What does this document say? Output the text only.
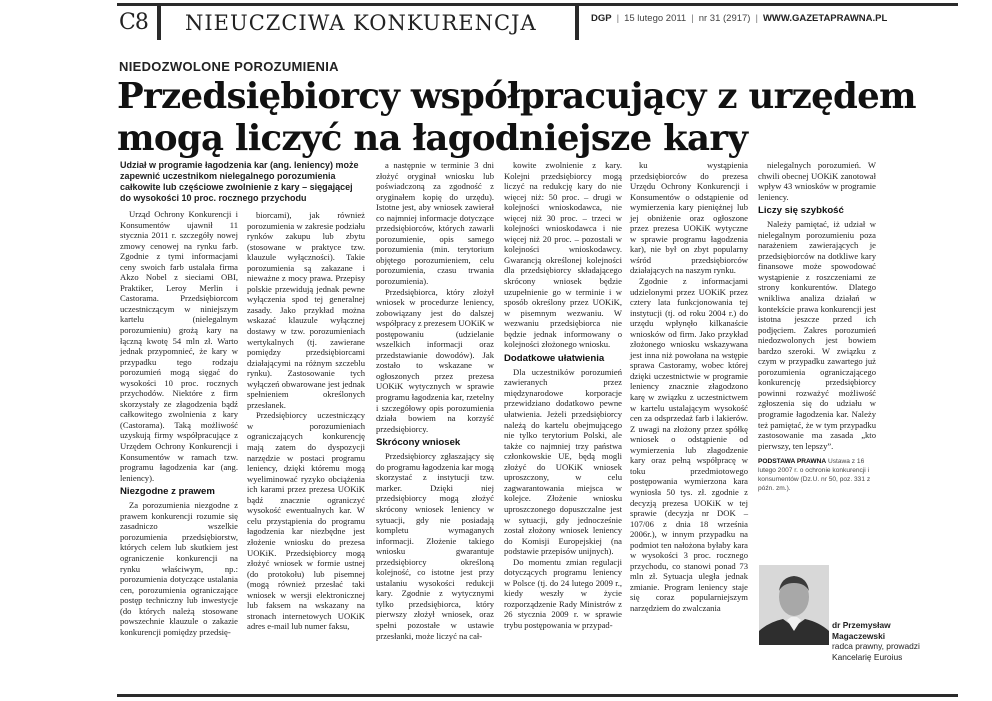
C8 NIEUCZCIWA KONKURENCJA	DGP | 15 lutego 2011 | nr 31 (2917) | WWW.GAZETAPRAWNA.PL
NIEDOZWOLONE POROZUMIENIA
Przedsiębiorcy współpracujący z urzędem mogą liczyć na łagodniejsze kary

Udział w programie łagodzenia kar (ang. leniency) może zapewnić uczestnikom nielegalnego porozumienia całkowite lub częściowe zwolnienie z kary – sięgającej do wysokości 10 proc. rocznego przychodu

Urząd Ochrony Konkurencji i Konsumentów ujawnił 11 stycznia 2011 r. szczegóły nowej zmowy cenowej na rynku farb. Zgodnie z tymi informacjami ceny swoich farb ustalała firma Akzo Nobel z sieciami OBI, Praktiker, Leroy Merlin i Castorama. Przedsiębiorcom uczestniczącym w niniejszym kartelu (nielegalnym porozumieniu) grożą kary na łączną kwotę 54 mln zł. Warto jednak przypomnieć, że kary w przypadku tego rodzaju porozumień mogą sięgać do wysokości 10 proc. rocznych przychodów. Niektóre z firm skorzystały ze złagodzenia bądź całkowitego zwolnienia z kary (Castorama). Taką możliwość uzyskują firmy współpracujące z Urzędem Ochrony Konkurencji i Konsumentów w ramach tzw. programu łagodzenia kar (ang. leniency).

Niezgodne z prawem

Za porozumienia niezgodne z prawem konkurencji rozumie się zasadniczo wszelkie porozumienia przedsiębiorstw, których celem lub skutkiem jest ograniczenie konkurencji na rynku właściwym, np.: porozumienia dotyczące ustalania cen, porozumienia ograniczające postęp techniczny lub inwestycje (do których należą stosowane powszechnie klauzule o zakazie konkurencji pomiędzy przedsię-

biorcami), jak również porozumienia w zakresie podziału rynków zakupu lub zbytu (stosowane w praktyce tzw. klauzule wyłączności). Takie porozumienia są zakazane i nieważne z mocy prawa. Przepisy polskie przewidują jednak pewne wyłączenia spod tej generalnej zasady. Jako przykład można wskazać klauzule wyłącznej dostawy w tzw. porozumieniach wertykalnych (tj. zawierane pomiędzy przedsiębiorcami działającymi na różnym szczeblu rynku). Zastosowanie tych wyłączeń obwarowane jest jednak spełnieniem określonych przesłanek.

Przedsiębiorcy uczestniczący w porozumieniach ograniczających konkurencję mają zatem do dyspozycji narzędzie w postaci programu leniency, dzięki któremu mogą wyeliminować ryzyko obciążenia ich karami przez prezesa UOKiK bądź znacznie ograniczyć wysokość ewentualnych kar. W celu przystąpienia do programu łagodzenia kar niezbędne jest złożenie wniosku do prezesa UOKiK. Przedsiębiorcy mogą złożyć wniosek w formie ustnej (do protokołu) lub pisemnej (mogą również przesłać taki wniosek w wersji elektronicznej lub faksem na wskazany na stronach internetowych UOKiK adres e-mail lub numer faksu,

a następnie w terminie 3 dni złożyć oryginał wniosku lub poświadczoną za zgodność z oryginałem kopię do urzędu). Istotne jest, aby wniosek zawierał co najmniej informacje dotyczące przedsiębiorców, których zawarli porozumienie, opis samego porozumienia (min. terytorium objętego porozumieniem, celu porozumienia, czasu trwania porozumienia).

Przedsiębiorca, który złożył wniosek w procedurze leniency, zobowiązany jest do dalszej współpracy z prezesem UOKiK w postępowaniu (udzielanie wszelkich informacji oraz przedstawianie dowodów). Jak zostało to wskazane w ogłoszonych przez prezesa UOKiK wytycznych w sprawie programu łagodzenia kar, rzetelny i szczegółowy opis porozumienia działa bowiem na korzyść przedsiębiorcy.

Skrócony wniosek

Przedsiębiorcy zgłaszający się do programu łagodzenia kar mogą skorzystać z instytucji tzw. marker. Dzięki niej przedsiębiorcy mogą złożyć skrócony wniosek leniency w sytuacji, gdy nie posiadają kompletu wymaganych informacji. Złożenie takiego wniosku gwarantuje przedsiębiorcy określoną kolejność, co istotne jest przy ustalaniu wysokości redukcji kary. Zgodnie z wytycznymi tylko przedsiębiorca, który pierwszy złożył wniosek, oraz spełni pozostałe w ustawie przesłanki, może liczyć na cał-

kowite zwolnienie z kary. Kolejni przedsiębiorcy mogą liczyć na redukcję kary do nie więcej niż: 50 proc. – drugi w kolejności wnioskodawca, nie więcej niż 30 proc. – trzeci w kolejności wnioskodawca i nie więcej niż 20 proc. – pozostali w kolejności wnioskodawcy. Gwarancją określonej kolejności dla przedsiębiorcy składającego skrócony wniosek będzie uzupełnienie go w terminie i w sposób określony przez UOKiK, w pisemnym wezwaniu. W wezwaniu przedsiębiorca nie będzie jednak informowany o kolejności złożonego wniosku.

Dodatkowe ułatwienia

Dla uczestników porozumień zawieranych przez międzynarodowe korporacje przewidziano dodatkowo pewne ułatwienia. Jeżeli przedsiębiorcy należą do kartelu obejmującego nie tylko terytorium Polski, ale także co najmniej trzy państwa członkowskie UE, będą mogli złożyć do UOKiK wniosek uproszczony, w celu zagwarantowania miejsca w kolejce. Złożenie wniosku uproszczonego dopuszczalne jest w sytuacji, gdy jednocześnie został złożony wniosek leniency do Komisji Europejskiej (na podstawie przepisów unijnych).

Do momentu zmian regulacji dotyczących programu leniency w Polsce (tj. do 24 lutego 2009 r., kiedy weszły w życie rozporządzenie Rady Ministrów z 26 stycznia 2009 r. w sprawie trybu postępowania w przypad-

ku wystąpienia przedsiębiorców do prezesa Urzędu Ochrony Konkurencji i Konsumentów o odstąpienie od wymierzenia kary pieniężnej lub jej obniżenie oraz ogłoszone przez prezesa UOKiK wytyczne w sprawie programu łagodzenia kar), nie był on zbyt popularny wśród przedsiębiorców działających na naszym rynku.

Zgodnie z informacjami udzielonymi przez UOKiK przez cztery lata funkcjonowania tej instytucji (tj. od roku 2004 r.) do urzędu wpłynęło kilkanaście wniosków od firm. Jako przykład złożonego wniosku wskazywana jest inna niż powołana na wstępie sprawa Castoramy, wobec której dzięki uczestnictwie w programie leniency znacznie złagodzono karę w związku z uczestnictwem w kartelu ustalającym wysokość cen za odsprzedaż farb i lakierów. Z uwagi na złożony przez spółkę wniosek o odstąpienie od wymierzenia lub złagodzenie kary oraz pełną współpracę w toku przedmiotowego postępowania wymierzona kara wyniosła 50 tys. zł. zgodnie z decyzją prezesa UOKiK w tej sprawie (decyzja nr DOK – 107/06 z dnia 18 września 2006r.), w innym przypadku na podmiot ten nałożona byłaby kara w wysokości 3 proc. rocznego przychodu, co stanowi ponad 73 mln zł. Sytuacja uległa jednak zmianie. Program leniency staje się coraz popularniejszym narzędziem do zwalczania

nielegalnych porozumień. W chwili obecnej UOKiK zanotował wpływ 43 wniosków w programie leniency.

Liczy się szybkość

Należy pamiętać, iż udział w nielegalnym porozumieniu poza narażeniem zawierających je przedsiębiorców na dotkliwe kary finansowe może spowodować wystąpienie z roszczeniami ze strony konkurentów. Dlatego wnikliwa analiza działań w kontekście prawa konkurencji jest istotna jeszcze przed ich podjęciem. Zakres porozumień niedozwolonych jest bowiem bardzo szeroki. W związku z czym w przypadku zawartego już porozumienia ograniczającego konkurencję przedsiębiorcy powinni rozważyć możliwość zgłoszenia się do udziału w programie łagodzenia kar. Należy też pamiętać, że w tym przypadku zastosowanie ma zasada „kto pierwszy, ten lepszy”.

PODSTAWA PRAWNA Ustawa z 16 lutego 2007 r. o ochronie konkurencji i konsumentów (Dz.U. nr 50, poz. 331 z późn. zm.).
dr Przemysław Magaczewski
radca prawny, prowadzi Kancelarię Euroius
